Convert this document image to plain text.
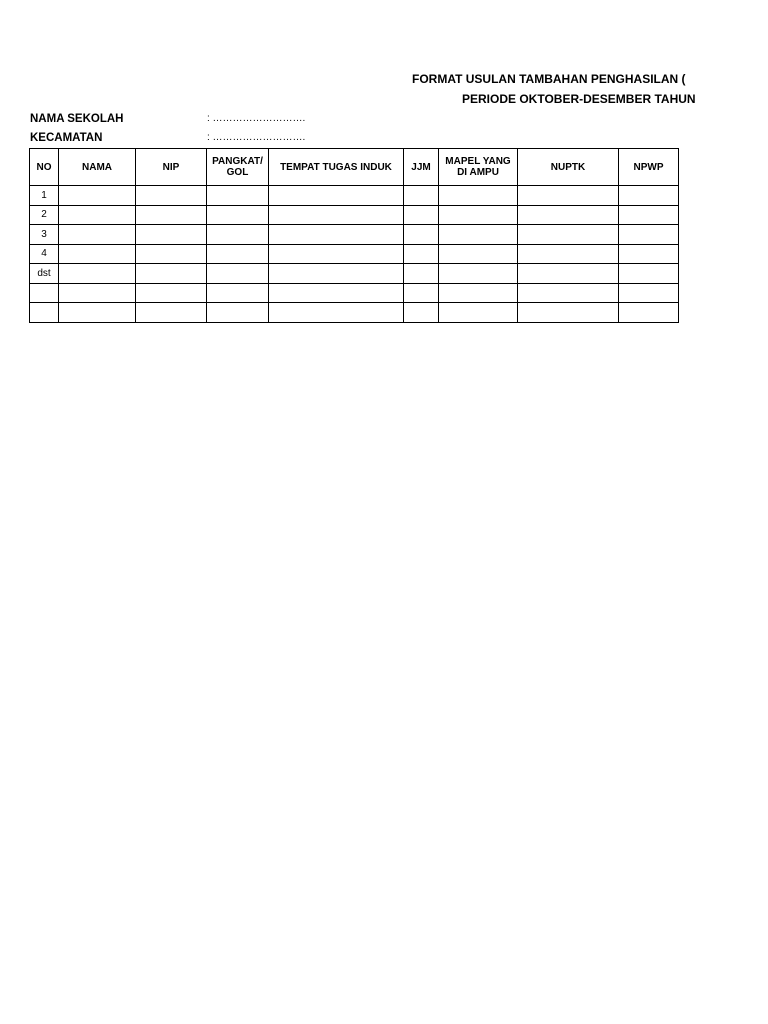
FORMAT USULAN TAMBAHAN PENGHASILAN (
PERIODE OKTOBER-DESEMBER TAHUN
NAMA SEKOLAH	: ……………………….
KECAMATAN	: ……………………….
NO	NAMA	NIP	PANGKAT/ GOL	TEMPAT TUGAS INDUK	JJM	MAPEL YANG DI AMPU	NUPTK	NPWP
1								
2								
3								
4								
dst								
